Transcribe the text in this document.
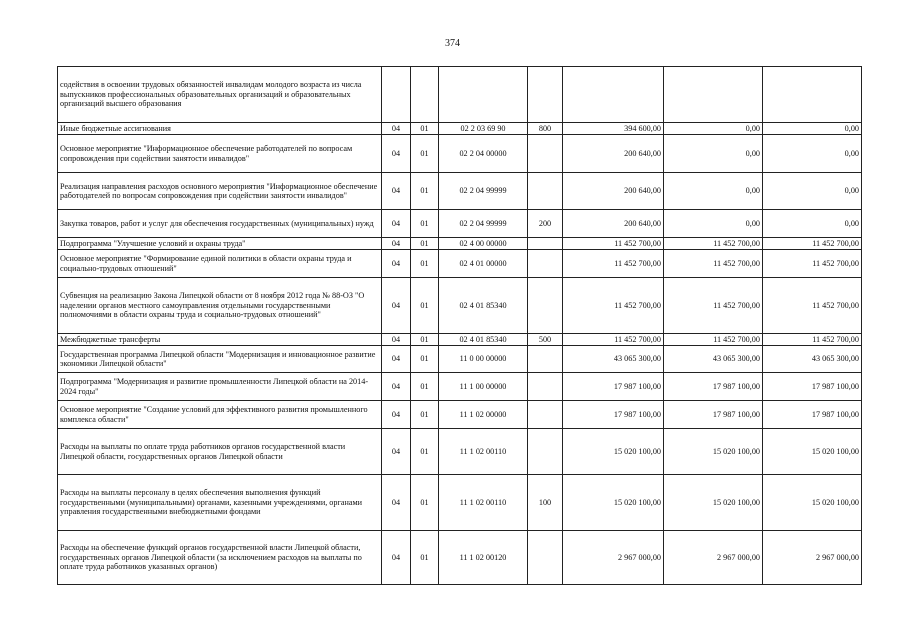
374
содействия в освоении трудовых обязанностей инвалидам молодого возраста из числа выпускников профессиональных образовательных организаций и образовательных организаций высшего образования							
Иные бюджетные ассигнования	04	01	02 2 03 69 90	800	394 600,00	0,00	0,00
Основное мероприятие "Информационное обеспечение работодателей по вопросам сопровождения при содействии занятости инвалидов"	04	01	02 2 04 00000		200 640,00	0,00	0,00
Реализация направления расходов основного мероприятия "Информационное обеспечение работодателей по вопросам сопровождения при содействии занятости инвалидов"	04	01	02 2 04 99999		200 640,00	0,00	0,00
Закупка товаров, работ и услуг для обеспечения государственных (муниципальных) нужд	04	01	02 2 04 99999	200	200 640,00	0,00	0,00
Подпрограмма "Улучшение условий и охраны труда"	04	01	02 4 00 00000		11 452 700,00	11 452 700,00	11 452 700,00
Основное мероприятие "Формирование единой политики в области охраны труда и социально-трудовых отношений"	04	01	02 4 01 00000		11 452 700,00	11 452 700,00	11 452 700,00
Субвенция на реализацию Закона Липецкой области от 8 ноября 2012 года № 88-ОЗ "О наделении органов местного самоуправления отдельными государственными полномочиями в области охраны труда и социально-трудовых отношений"	04	01	02 4 01 85340		11 452 700,00	11 452 700,00	11 452 700,00
Межбюджетные трансферты	04	01	02 4 01 85340	500	11 452 700,00	11 452 700,00	11 452 700,00
Государственная программа Липецкой области "Модернизация и инновационное развитие экономики Липецкой области"	04	01	11 0 00 00000		43 065 300,00	43 065 300,00	43 065 300,00
Подпрограмма "Модернизация и развитие промышленности Липецкой области на 2014-2024 годы"	04	01	11 1 00 00000		17 987 100,00	17 987 100,00	17 987 100,00
Основное мероприятие "Создание условий для эффективного развития промышленного комплекса области"	04	01	11 1 02 00000		17 987 100,00	17 987 100,00	17 987 100,00
Расходы на выплаты по оплате труда работников органов государственной власти Липецкой области, государственных органов Липецкой области	04	01	11 1 02 00110		15 020 100,00	15 020 100,00	15 020 100,00
Расходы на выплаты персоналу в целях обеспечения выполнения функций государственными (муниципальными) органами, казенными учреждениями, органами управления государственными внебюджетными фондами	04	01	11 1 02 00110	100	15 020 100,00	15 020 100,00	15 020 100,00
Расходы на обеспечение функций органов государственной власти Липецкой области, государственных органов Липецкой области (за исключением расходов на выплаты по оплате труда работников указанных органов)	04	01	11 1 02 00120		2 967 000,00	2 967 000,00	2 967 000,00
